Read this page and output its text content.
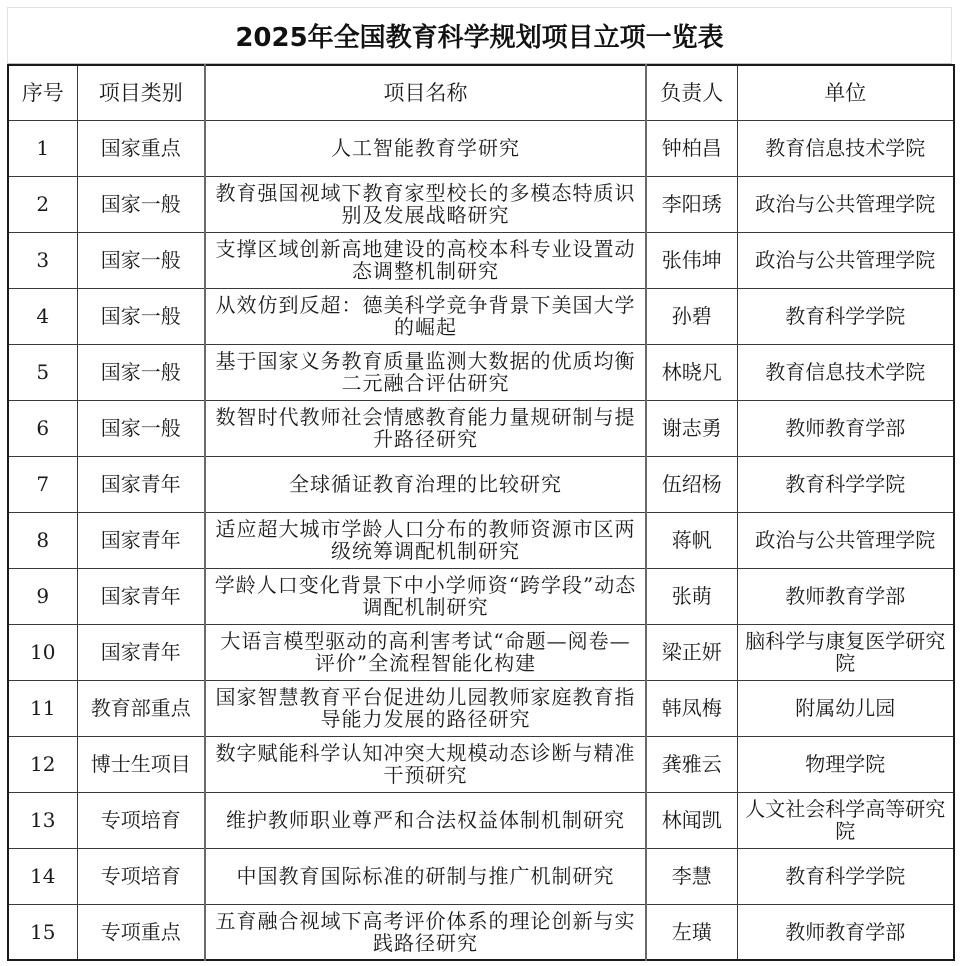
2025年全国教育科学规划项目立项一览表
序号	项目类别	项目名称	负责人	单位
1	国家重点	人工智能教育学研究	钟柏昌	教育信息技术学院
2	国家一般	教育强国视域下教育家型校长的多模态特质识别及发展战略研究	李阳琇	政治与公共管理学院
3	国家一般	支撑区域创新高地建设的高校本科专业设置动态调整机制研究	张伟坤	政治与公共管理学院
4	国家一般	从效仿到反超：德美科学竞争背景下美国大学的崛起	孙碧	教育科学学院
5	国家一般	基于国家义务教育质量监测大数据的优质均衡二元融合评估研究	林晓凡	教育信息技术学院
6	国家一般	数智时代教师社会情感教育能力量规研制与提升路径研究	谢志勇	教师教育学部
7	国家青年	全球循证教育治理的比较研究	伍绍杨	教育科学学院
8	国家青年	适应超大城市学龄人口分布的教师资源市区两级统筹调配机制研究	蒋帆	政治与公共管理学院
9	国家青年	学龄人口变化背景下中小学师资“跨学段”动态调配机制研究	张萌	教师教育学部
10	国家青年	大语言模型驱动的高利害考试“命题—阅卷—评价”全流程智能化构建	梁正妍	脑科学与康复医学研究院
11	教育部重点	国家智慧教育平台促进幼儿园教师家庭教育指导能力发展的路径研究	韩凤梅	附属幼儿园
12	博士生项目	数字赋能科学认知冲突大规模动态诊断与精准干预研究	龚雅云	物理学院
13	专项培育	维护教师职业尊严和合法权益体制机制研究	林闻凯	人文社会科学高等研究院
14	专项培育	中国教育国际标准的研制与推广机制研究	李慧	教育科学学院
15	专项重点	五育融合视域下高考评价体系的理论创新与实践路径研究	左璜	教师教育学部
